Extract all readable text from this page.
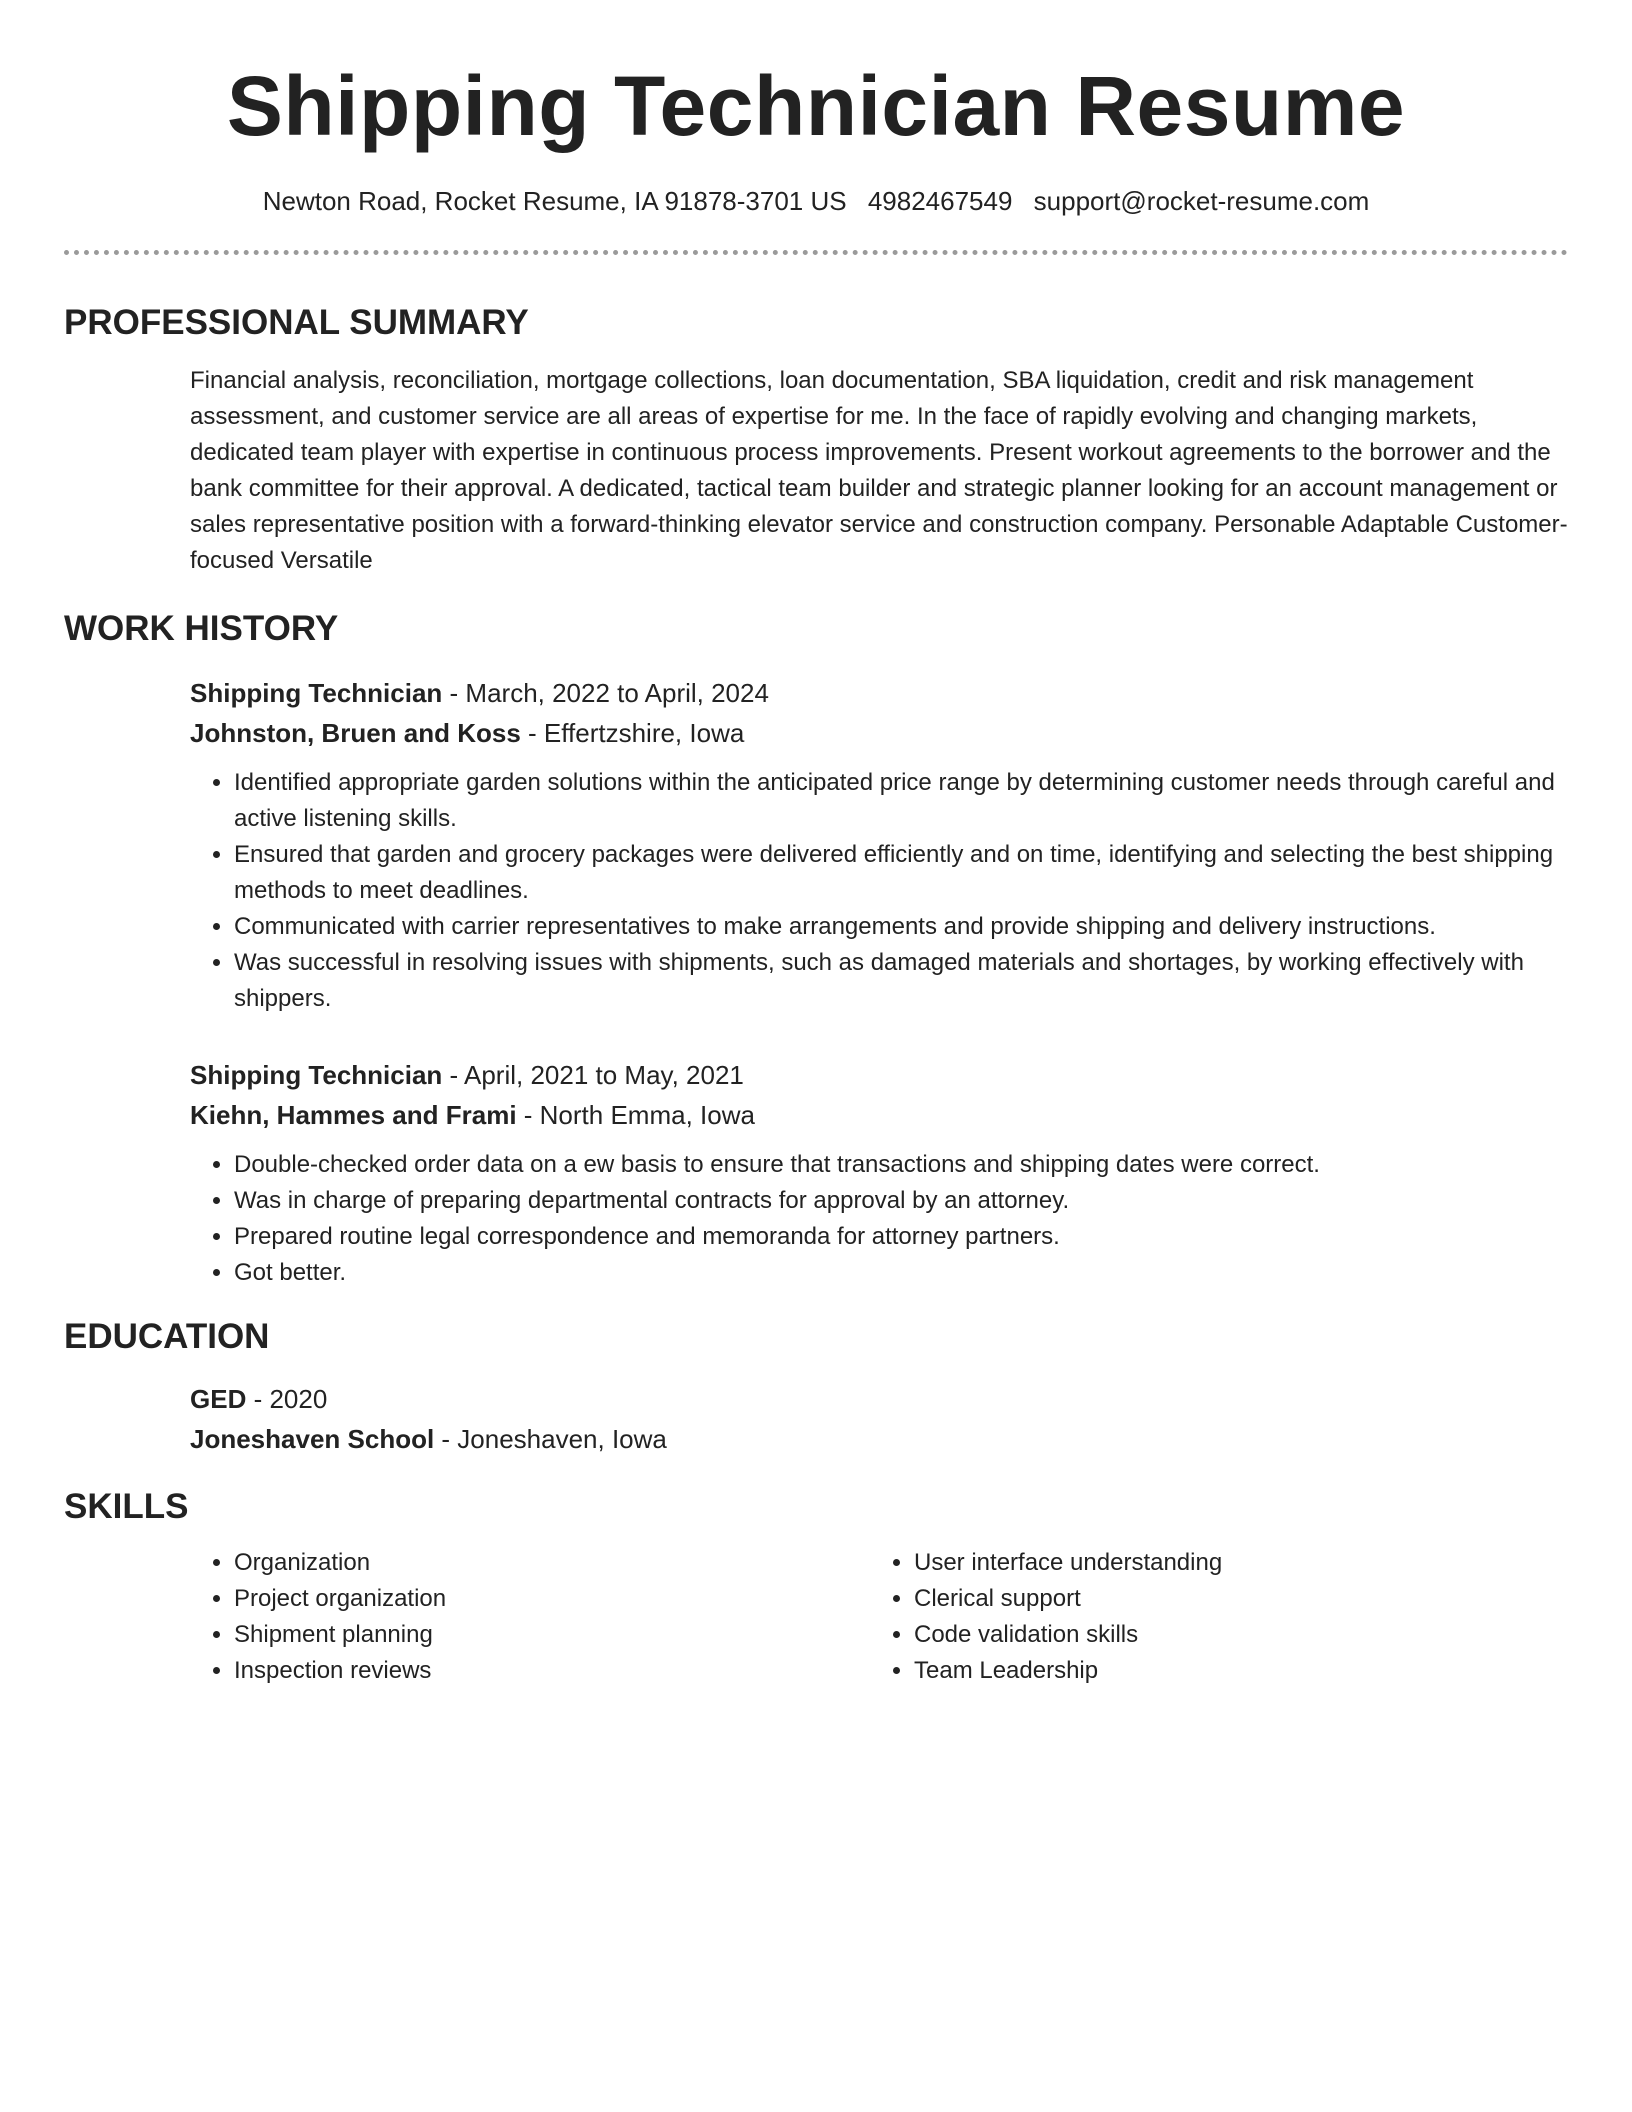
Shipping Technician Resume
Newton Road, Rocket Resume, IA 91878-3701 US 4982467549 support@rocket-resume.com
PROFESSIONAL SUMMARY
Financial analysis, reconciliation, mortgage collections, loan documentation, SBA liquidation, credit and risk management assessment, and customer service are all areas of expertise for me. In the face of rapidly evolving and changing markets, dedicated team player with expertise in continuous process improvements. Present workout agreements to the borrower and the bank committee for their approval. A dedicated, tactical team builder and strategic planner looking for an account management or sales representative position with a forward-thinking elevator service and construction company. Personable Adaptable Customer-focused Versatile
WORK HISTORY
Shipping Technician - March, 2022 to April, 2024
Johnston, Bruen and Koss - Effertzshire, Iowa
• Identified appropriate garden solutions within the anticipated price range by determining customer needs through careful and active listening skills.
• Ensured that garden and grocery packages were delivered efficiently and on time, identifying and selecting the best shipping methods to meet deadlines.
• Communicated with carrier representatives to make arrangements and provide shipping and delivery instructions.
• Was successful in resolving issues with shipments, such as damaged materials and shortages, by working effectively with shippers.
Shipping Technician - April, 2021 to May, 2021
Kiehn, Hammes and Frami - North Emma, Iowa
• Double-checked order data on a ew basis to ensure that transactions and shipping dates were correct.
• Was in charge of preparing departmental contracts for approval by an attorney.
• Prepared routine legal correspondence and memoranda for attorney partners.
• Got better.
EDUCATION
GED - 2020
Joneshaven School - Joneshaven, Iowa
SKILLS
• Organization
• Project organization
• Shipment planning
• Inspection reviews
• User interface understanding
• Clerical support
• Code validation skills
• Team Leadership
